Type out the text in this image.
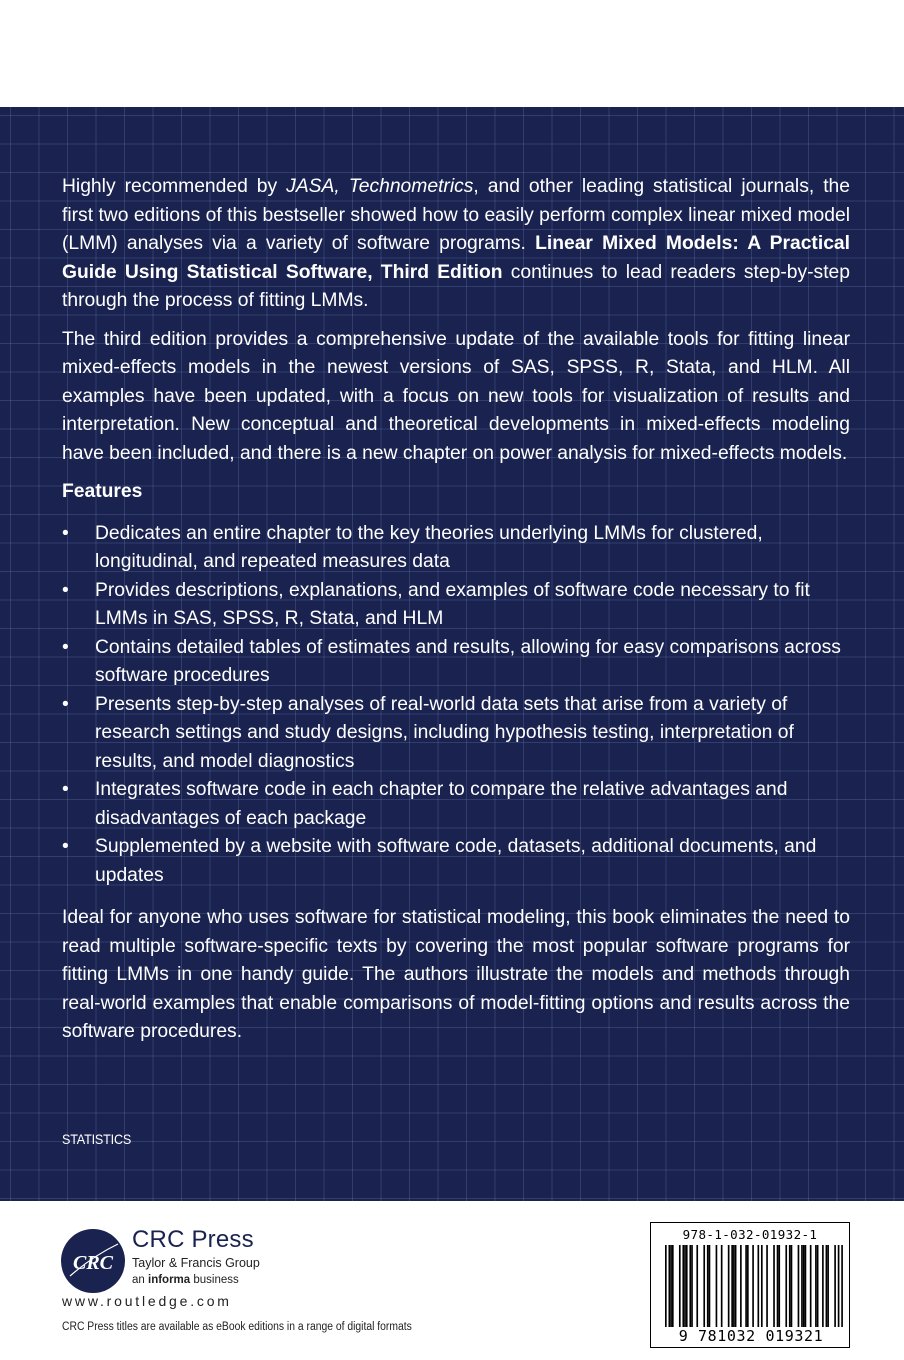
Highly recommended by JASA, Technometrics, and other leading statistical journals, the first two editions of this bestseller showed how to easily perform complex linear mixed model (LMM) analyses via a variety of software programs. Linear Mixed Models: A Practical Guide Using Statistical Software, Third Edition continues to lead readers step-by-step through the process of fitting LMMs.

The third edition provides a comprehensive update of the available tools for fitting linear mixed-effects models in the newest versions of SAS, SPSS, R, Stata, and HLM. All examples have been updated, with a focus on new tools for visualization of results and interpretation. New conceptual and theoretical developments in mixed-effects modeling have been included, and there is a new chapter on power analysis for mixed-effects models.

Features
• Dedicates an entire chapter to the key theories underlying LMMs for clustered, longitudinal, and repeated measures data
• Provides descriptions, explanations, and examples of software code necessary to fit LMMs in SAS, SPSS, R, Stata, and HLM
• Contains detailed tables of estimates and results, allowing for easy comparisons across software procedures
• Presents step-by-step analyses of real-world data sets that arise from a variety of research settings and study designs, including hypothesis testing, interpretation of results, and model diagnostics
• Integrates software code in each chapter to compare the relative advantages and disadvantages of each package
• Supplemented by a website with software code, datasets, additional documents, and updates

Ideal for anyone who uses software for statistical modeling, this book eliminates the need to read multiple software-specific texts by covering the most popular software programs for fitting LMMs in one handy guide. The authors illustrate the models and methods through real-world examples that enable comparisons of model-fitting options and results across the software procedures.

STATISTICS
CRC
CRC Press
Taylor & Francis Group
an informa business
www.routledge.com
CRC Press titles are available as eBook editions in a range of digital formats
978-1-032-01932-1
9 781032 019321
